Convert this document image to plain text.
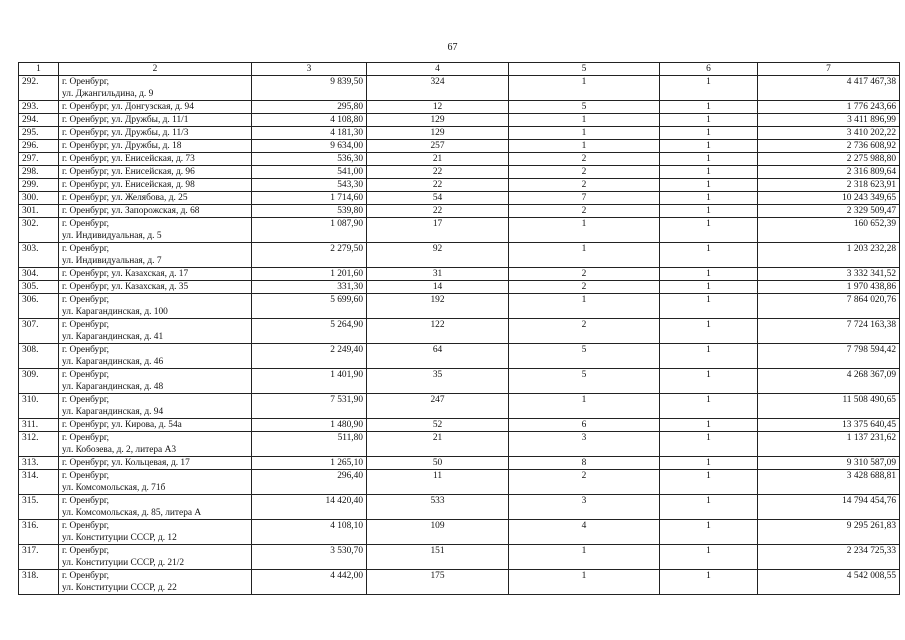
67
1	2	3	4	5	6	7
292.	г. Оренбург,
ул. Джангильдина, д. 9	9 839,50	324	1	1	4 417 467,38
293.	г. Оренбург, ул. Донгузская, д. 94	295,80	12	5	1	1 776 243,66
294.	г. Оренбург, ул. Дружбы, д. 11/1	4 108,80	129	1	1	3 411 896,99
295.	г. Оренбург, ул. Дружбы, д. 11/3	4 181,30	129	1	1	3 410 202,22
296.	г. Оренбург, ул. Дружбы, д. 18	9 634,00	257	1	1	2 736 608,92
297.	г. Оренбург, ул. Енисейская, д. 73	536,30	21	2	1	2 275 988,80
298.	г. Оренбург, ул. Енисейская, д. 96	541,00	22	2	1	2 316 809,64
299.	г. Оренбург, ул. Енисейская, д. 98	543,30	22	2	1	2 318 623,91
300.	г. Оренбург, ул. Желябова, д. 25	1 714,60	54	7	1	10 243 349,65
301.	г. Оренбург, ул. Запорожская, д. 68	539,80	22	2	1	2 329 509,47
302.	г. Оренбург,
ул. Индивидуальная, д. 5	1 087,90	17	1	1	160 652,39
303.	г. Оренбург,
ул. Индивидуальная, д. 7	2 279,50	92	1	1	1 203 232,28
304.	г. Оренбург, ул. Казахская, д. 17	1 201,60	31	2	1	3 332 341,52
305.	г. Оренбург, ул. Казахская, д. 35	331,30	14	2	1	1 970 438,86
306.	г. Оренбург,
ул. Карагандинская, д. 100	5 699,60	192	1	1	7 864 020,76
307.	г. Оренбург,
ул. Карагандинская, д. 41	5 264,90	122	2	1	7 724 163,38
308.	г. Оренбург,
ул. Карагандинская, д. 46	2 249,40	64	5	1	7 798 594,42
309.	г. Оренбург,
ул. Карагандинская, д. 48	1 401,90	35	5	1	4 268 367,09
310.	г. Оренбург,
ул. Карагандинская, д. 94	7 531,90	247	1	1	11 508 490,65
311.	г. Оренбург, ул. Кирова, д. 54а	1 480,90	52	6	1	13 375 640,45
312.	г. Оренбург,
ул. Кобозева, д. 2, литера А3	511,80	21	3	1	1 137 231,62
313.	г. Оренбург, ул. Кольцевая, д. 17	1 265,10	50	8	1	9 310 587,09
314.	г. Оренбург,
ул. Комсомольская, д. 71б	296,40	11	2	1	3 428 688,81
315.	г. Оренбург,
ул. Комсомольская, д. 85, литера А	14 420,40	533	3	1	14 794 454,76
316.	г. Оренбург,
ул. Конституции СССР, д. 12	4 108,10	109	4	1	9 295 261,83
317.	г. Оренбург,
ул. Конституции СССР, д. 21/2	3 530,70	151	1	1	2 234 725,33
318.	г. Оренбург,
ул. Конституции СССР, д. 22	4 442,00	175	1	1	4 542 008,55
